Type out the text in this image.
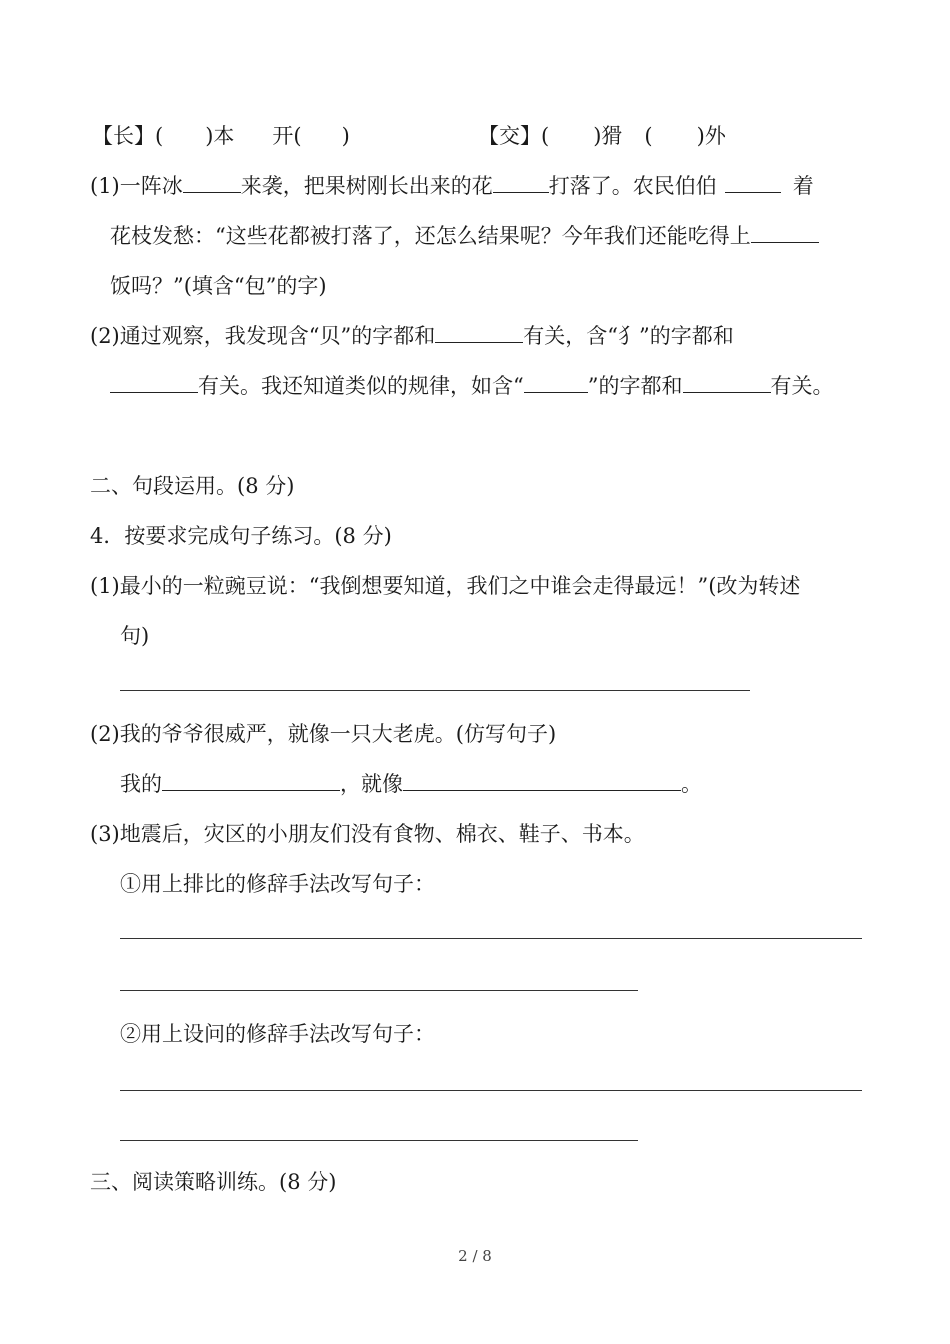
【长】( )本 开( )	【交】( )猾 ( )外
(1)一阵冰	来袭，把果树刚长出来的花	打落了。农民伯伯	着
花枝发愁：“这些花都被打落了，还怎么结果呢？今年我们还能吃得上
饭吗？”(填含“包”的字)
(2)通过观察，我发现含“贝”的字都和	有关，含“犭”的字都和
有关。我还知道类似的规律，如含“	”的字都和	有关。
二、句段运用。(8 分)
4．按要求完成句子练习。(8 分)
(1)最小的一粒豌豆说：“我倒想要知道，我们之中谁会走得最远！”(改为转述
句)
(2)我的爷爷很威严，就像一只大老虎。(仿写句子)
我的	，就像	。
(3)地震后，灾区的小朋友们没有食物、棉衣、鞋子、书本。
①用上排比的修辞手法改写句子：
②用上设问的修辞手法改写句子：
三、阅读策略训练。(8 分)
2 / 8
